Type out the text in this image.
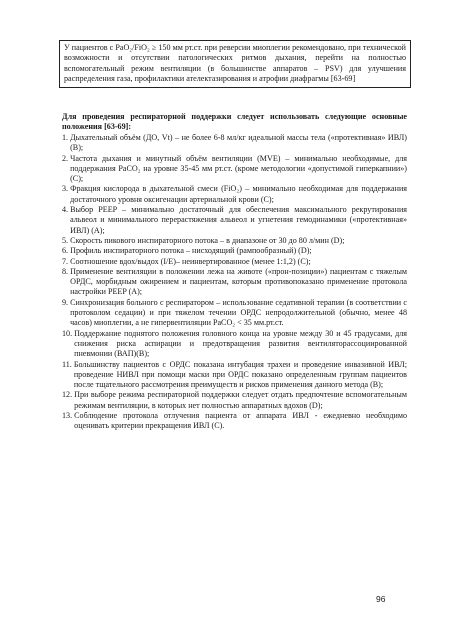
У пациентов с PaO₂/FiO₂ ≥ 150 мм рт.ст. при реверсии миоплегии рекомендовано, при технической возможности и отсутствии патологических ритмов дыхания, перейти на полностью вспомогательный режим вентиляции (в большинстве аппаратов – PSV) для улучшения распределения газа, профилактики ателектазирования и атрофии диафрагмы [63-69]
Для проведения респираторной поддержки следует использовать следующие основные положения [63-69]:
1. Дыхательный объём (ДО, Vt) – не более 6-8 мл/кг идеальной массы тела («протективная» ИВЛ) (В);
2. Частота дыхания и минутный объём вентиляции (MVE) – минимально необходимые, для поддержания PaCO₂ на уровне 35-45 мм рт.ст. (кроме методологии «допустимой гиперкапнии») (С);
3. Фракция кислорода в дыхательной смеси (FiO₂) – минимально необходимая для поддержания достаточного уровня оксигенации артериальной крови (С);
4. Выбор PEEP – минимально достаточный для обеспечения максимального рекрутирования альвеол и минимального перерастяжения альвеол и угнетения гемодинамики («протективная» ИВЛ) (А);
5. Скорость пикового инспираторного потока – в диапазоне от 30 до 80 л/мин (D);
6. Профиль инспираторного потока – нисходящий (рампообразный) (D);
7. Соотношение вдох/выдох (I/E)– неинвертированное (менее 1:1,2) (С);
8. Применение вентиляции в положении лежа на животе («прон-позиции») пациентам с тяжелым ОРДС, морбидным ожирением и пациентам, которым противопоказано применение протокола настройки PEEP (А);
9. Синхронизация больного с респиратором – использование седативной терапии (в соответствии с протоколом седации) и при тяжелом течении ОРДС непродолжительной (обычно, менее 48 часов) миоплегии, а не гипервентиляции PaCO₂ < 35 мм.рт.ст.
10. Поддержание поднятого положения головного конца на уровне между 30 и 45 градусами, для снижения риска аспирации и предотвращения развития вентиляторассоциированной пневмонии (ВАП)(В);
11. Большинству пациентов с ОРДС показана интубация трахеи и проведение инвазивной ИВЛ; проведение НИВЛ при помощи маски при ОРДС показано определенным группам пациентов после тщательного рассмотрения преимуществ и рисков применения данного метода (В);
12. При выборе режима респираторной поддержки следует отдать предпочтение вспомогательным режимам вентиляции, в которых нет полностью аппаратных вдохов (D);
13. Соблюдение протокола отлучения пациента от аппарата ИВЛ - ежедневно необходимо оценивать критерии прекращения ИВЛ (С).
96
